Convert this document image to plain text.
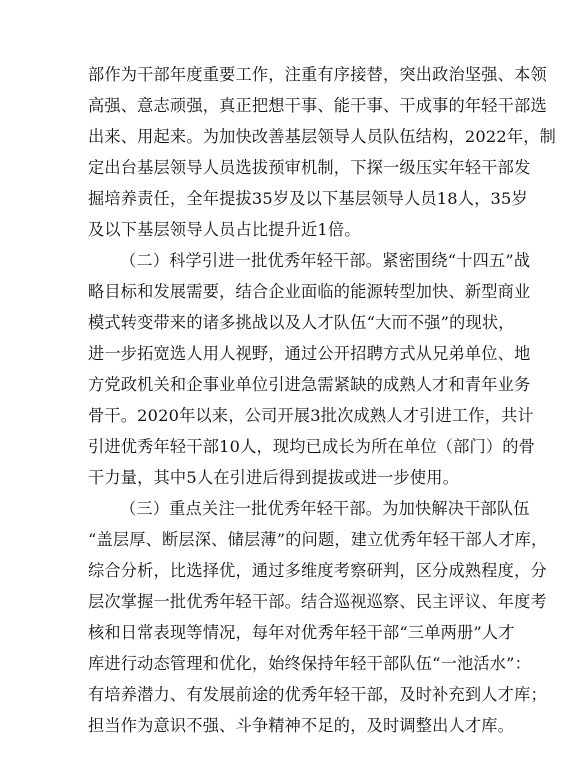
部作为干部年度重要工作，注重有序接替，突出政治坚强、本领
高强、意志顽强，真正把想干事、能干事、干成事的年轻干部选
出来、用起来。为加快改善基层领导人员队伍结构，2022年，制
定出台基层领导人员选拔预审机制，下探一级压实年轻干部发
掘培养责任，全年提拔35岁及以下基层领导人员18人，35岁
及以下基层领导人员占比提升近1倍。
（二）科学引进一批优秀年轻干部。紧密围绕“十四五”战
略目标和发展需要，结合企业面临的能源转型加快、新型商业
模式转变带来的诸多挑战以及人才队伍“大而不强”的现状，
进一步拓宽选人用人视野，通过公开招聘方式从兄弟单位、地
方党政机关和企事业单位引进急需紧缺的成熟人才和青年业务
骨干。2020年以来，公司开展3批次成熟人才引进工作，共计
引进优秀年轻干部10人，现均已成长为所在单位（部门）的骨
干力量，其中5人在引进后得到提拔或进一步使用。
（三）重点关注一批优秀年轻干部。为加快解决干部队伍
“盖层厚、断层深、储层薄”的问题，建立优秀年轻干部人才库，
综合分析，比选择优，通过多维度考察研判，区分成熟程度，分
层次掌握一批优秀年轻干部。结合巡视巡察、民主评议、年度考
核和日常表现等情况，每年对优秀年轻干部“三单两册”人才
库进行动态管理和优化，始终保持年轻干部队伍“一池活水”：
有培养潜力、有发展前途的优秀年轻干部，及时补充到人才库；
担当作为意识不强、斗争精神不足的，及时调整出人才库。
